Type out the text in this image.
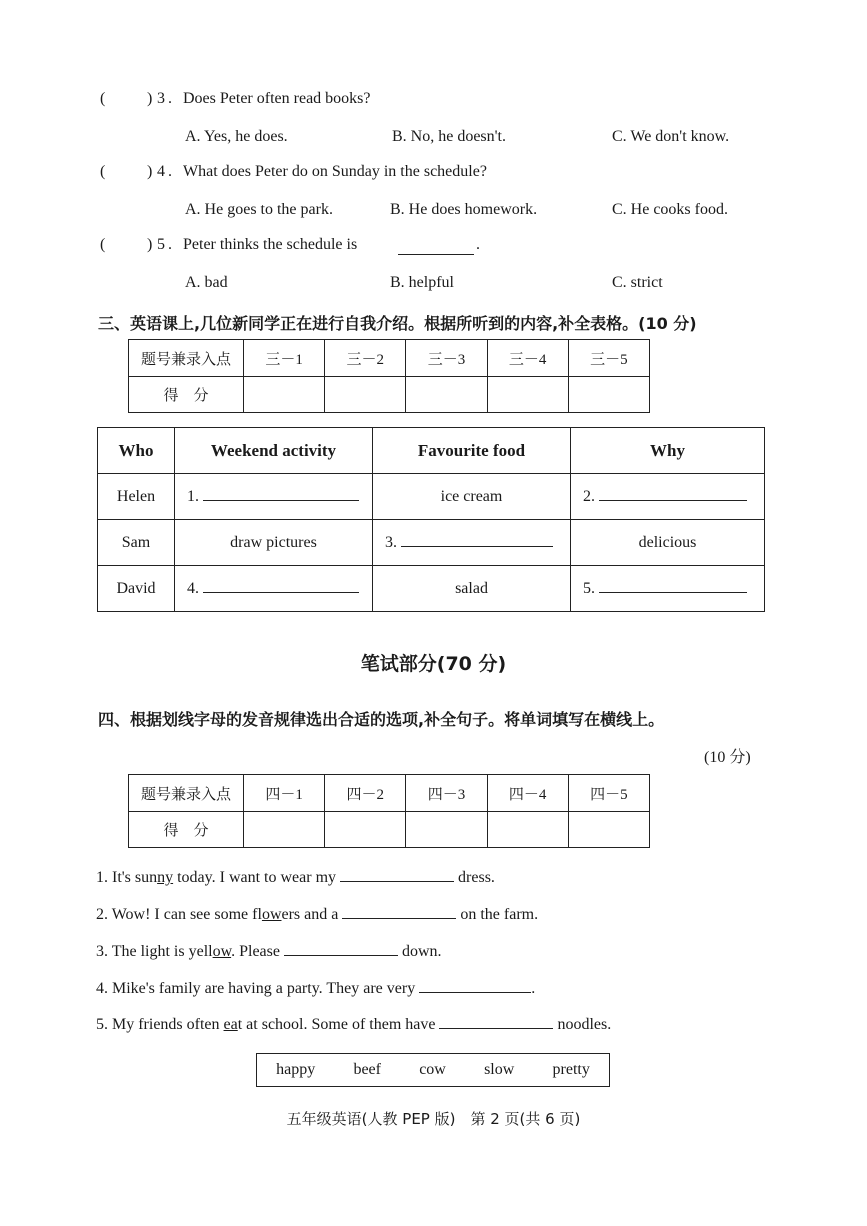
(	) 3 . Does Peter often read books?
A. Yes, he does.	B. No, he doesn't.	C. We don't know.
(	) 4 . What does Peter do on Sunday in the schedule?
A. He goes to the park.	B. He does homework.	C. He cooks food.
(	) 5 . Peter thinks the schedule is	.
A. bad	B. helpful	C. strict
三、英语课上,几位新同学正在进行自我介绍。根据所听到的内容,补全表格。(10 分)
题号兼录入点	三－1	三－2	三－3	三－4	三－5
得　分					
Who	Weekend activity	Favourite food	Why
Helen	1.	ice cream	2.
Sam	draw pictures	3.	delicious
David	4.	salad	5.
笔试部分(70 分)
四、根据划线字母的发音规律选出合适的选项,补全句子。将单词填写在横线上。
(10 分)
题号兼录入点	四－1	四－2	四－3	四－4	四－5
得　分					
1. It's sunny today. I want to wear my	dress.
2. Wow! I can see some flowers and a	on the farm.
3. The light is yellow. Please	down.
4. Mike's family are having a party. They are very	.
5. My friends often eat at school. Some of them have	noodles.
happy beef cow slow pretty
五年级英语(人教 PEP 版)　第 2 页(共 6 页)
